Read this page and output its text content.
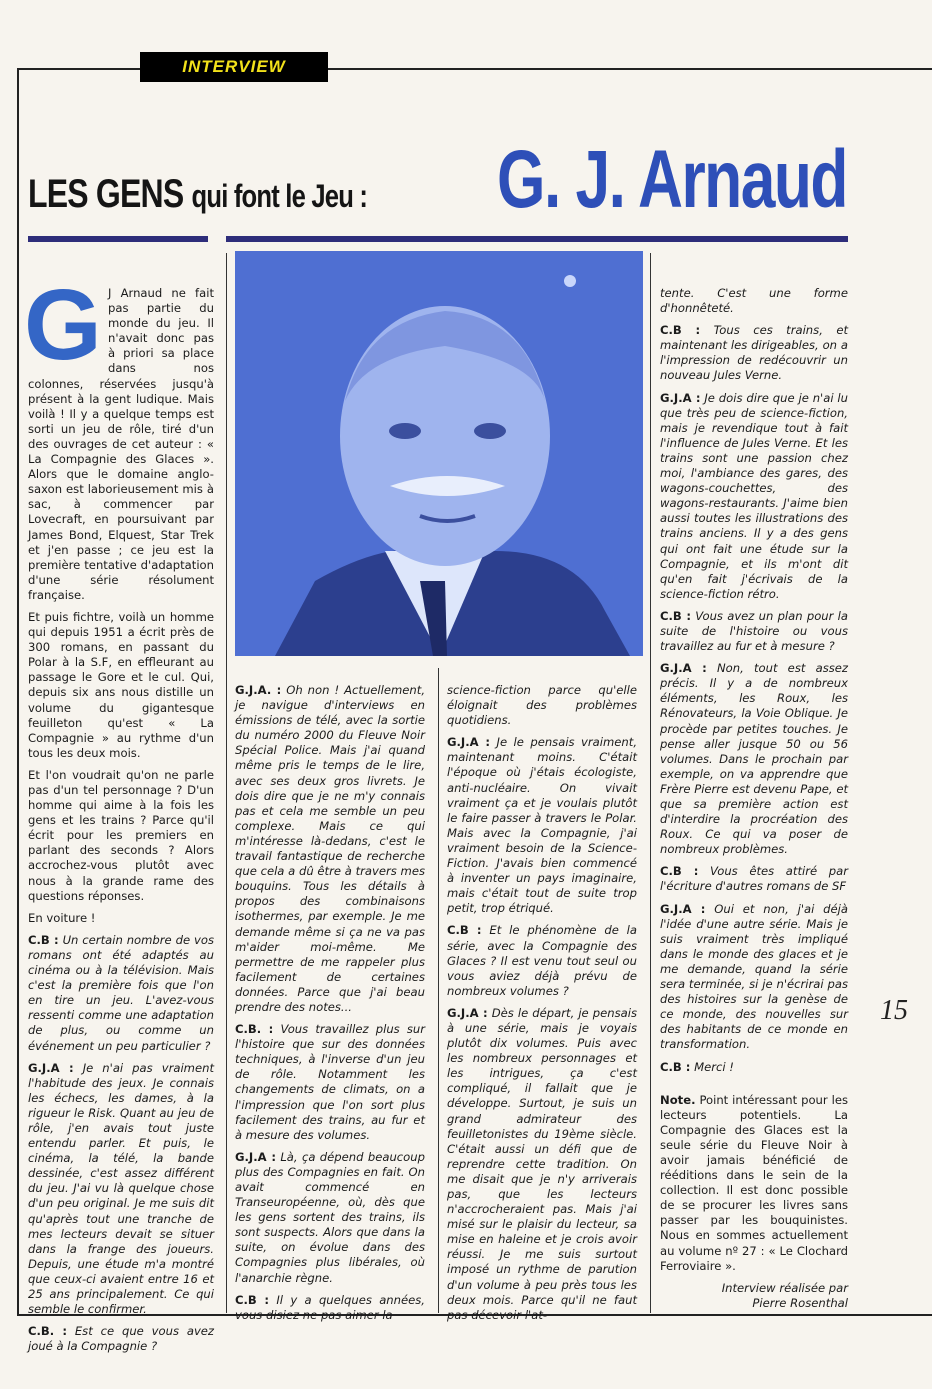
INTERVIEW
LES GENS qui font le Jeu : G. J. Arnaud

G J Arnaud ne fait pas partie du monde du jeu. Il n'avait donc pas à priori sa place dans nos colonnes, réservées jusqu'à présent à la gent ludique. Mais voilà ! Il y a quelque temps est sorti un jeu de rôle, tiré d'un des ouvrages de cet auteur : « La Compagnie des Glaces ». Alors que le domaine anglo-saxon est laborieusement mis à sac, à commencer par Lovecraft, en poursuivant par James Bond, Elquest, Star Trek et j'en passe ; ce jeu est la première tentative d'adaptation d'une série résolument française.

Et puis fichtre, voilà un homme qui depuis 1951 a écrit près de 300 romans, en passant du Polar à la S.F, en effleurant au passage le Gore et le cul. Qui, depuis six ans nous distille un volume du gigantesque feuilleton qu'est « La Compagnie » au rythme d'un tous les deux mois.

Et l'on voudrait qu'on ne parle pas d'un tel personnage ? D'un homme qui aime à la fois les gens et les trains ? Parce qu'il écrit pour les premiers en parlant des seconds ? Alors accrochez-vous plutôt avec nous à la grande rame des questions réponses.

En voiture !

C.B : Un certain nombre de vos romans ont été adaptés au cinéma ou à la télévision. Mais c'est la première fois que l'on en tire un jeu. L'avez-vous ressenti comme une adaptation de plus, ou comme un événement un peu particulier ?

G.J.A : Je n'ai pas vraiment l'habitude des jeux. Je connais les échecs, les dames, à la rigueur le Risk. Quant au jeu de rôle, j'en avais tout juste entendu parler. Et puis, le cinéma, la télé, la bande dessinée, c'est assez différent du jeu. J'ai vu là quelque chose d'un peu original. Je me suis dit qu'après tout une tranche de mes lecteurs devait se situer dans la frange des joueurs. Depuis, une étude m'a montré que ceux-ci avaient entre 16 et 25 ans principalement. Ce qui semble le confirmer.

C.B. : Est ce que vous avez joué à la Compagnie ?

G.J.A. : Oh non ! Actuellement, je navigue d'interviews en émissions de télé, avec la sortie du numéro 2000 du Fleuve Noir Spécial Police. Mais j'ai quand même pris le temps de le lire, avec ses deux gros livrets. Je dois dire que je ne m'y connais pas et cela me semble un peu complexe. Mais ce qui m'intéresse là-dedans, c'est le travail fantastique de recherche que cela a dû être à travers mes bouquins. Tous les détails à propos des combinaisons isothermes, par exemple. Je me demande même si ça ne va pas m'aider moi-même. Me permettre de me rappeler plus facilement de certaines données. Parce que j'ai beau prendre des notes...

C.B. : Vous travaillez plus sur l'histoire que sur des données techniques, à l'inverse d'un jeu de rôle. Notamment les changements de climats, on a l'impression que l'on sort plus facilement des trains, au fur et à mesure des volumes.

G.J.A : Là, ça dépend beaucoup plus des Compagnies en fait. On avait commencé en Transeuropéenne, où, dès que les gens sortent des trains, ils sont suspects. Alors que dans la suite, on évolue dans des Compagnies plus libérales, où l'anarchie règne.

C.B : Il y a quelques années, vous disiez ne pas aimer la

science-fiction parce qu'elle éloignait des problèmes quotidiens.

G.J.A : Je le pensais vraiment, maintenant moins. C'était l'époque où j'étais écologiste, anti-nucléaire. On vivait vraiment ça et je voulais plutôt le faire passer à travers le Polar. Mais avec la Compagnie, j'ai vraiment besoin de la Science-Fiction. J'avais bien commencé à inventer un pays imaginaire, mais c'était tout de suite trop petit, trop étriqué.

C.B : Et le phénomène de la série, avec la Compagnie des Glaces ? Il est venu tout seul ou vous aviez déjà prévu de nombreux volumes ?

G.J.A : Dès le départ, je pensais à une série, mais je voyais plutôt dix volumes. Puis avec les nombreux personnages et les intrigues, ça c'est compliqué, il fallait que je développe. Surtout, je suis un grand admirateur des feuilletonistes du 19ème siècle. C'était aussi un défi que de reprendre cette tradition. On me disait que je n'y arriverais pas, que les lecteurs n'accrocheraient pas. Mais j'ai misé sur le plaisir du lecteur, sa mise en haleine et je crois avoir réussi. Je me suis surtout imposé un rythme de parution d'un volume à peu près tous les deux mois. Parce qu'il ne faut pas décevoir l'at-

tente. C'est une forme d'honnêteté.

C.B : Tous ces trains, et maintenant les dirigeables, on a l'impression de redécouvrir un nouveau Jules Verne.

G.J.A : Je dois dire que je n'ai lu que très peu de science-fiction, mais je revendique tout à fait l'influence de Jules Verne. Et les trains sont une passion chez moi, l'ambiance des gares, des wagons-couchettes, des wagons-restaurants. J'aime bien aussi toutes les illustrations des trains anciens. Il y a des gens qui ont fait une étude sur la Compagnie, et ils m'ont dit qu'en fait j'écrivais de la science-fiction rétro.

C.B : Vous avez un plan pour la suite de l'histoire ou vous travaillez au fur et à mesure ?

G.J.A : Non, tout est assez précis. Il y a de nombreux éléments, les Roux, les Rénovateurs, la Voie Oblique. Je procède par petites touches. Je pense aller jusque 50 ou 56 volumes. Dans le prochain par exemple, on va apprendre que Frère Pierre est devenu Pape, et que sa première action est d'interdire la procréation des Roux. Ce qui va poser de nombreux problèmes.

C.B : Vous êtes attiré par l'écriture d'autres romans de SF

G.J.A : Oui et non, j'ai déjà l'idée d'une autre série. Mais je suis vraiment très impliqué dans le monde des glaces et je me demande, quand la série sera terminée, si je n'écrirai pas des histoires sur la genèse de ce monde, des nouvelles sur des habitants de ce monde en transformation.

C.B : Merci !

Note. Point intéressant pour les lecteurs potentiels. La Compagnie des Glaces est la seule série du Fleuve Noir à avoir jamais bénéficié de rééditions dans le sein de la collection. Il est donc possible de se procurer les livres sans passer par les bouquinistes. Nous en sommes actuellement au volume nº 27 : « Le Clochard Ferroviaire ».

Interview réalisée par
Pierre Rosenthal

15
